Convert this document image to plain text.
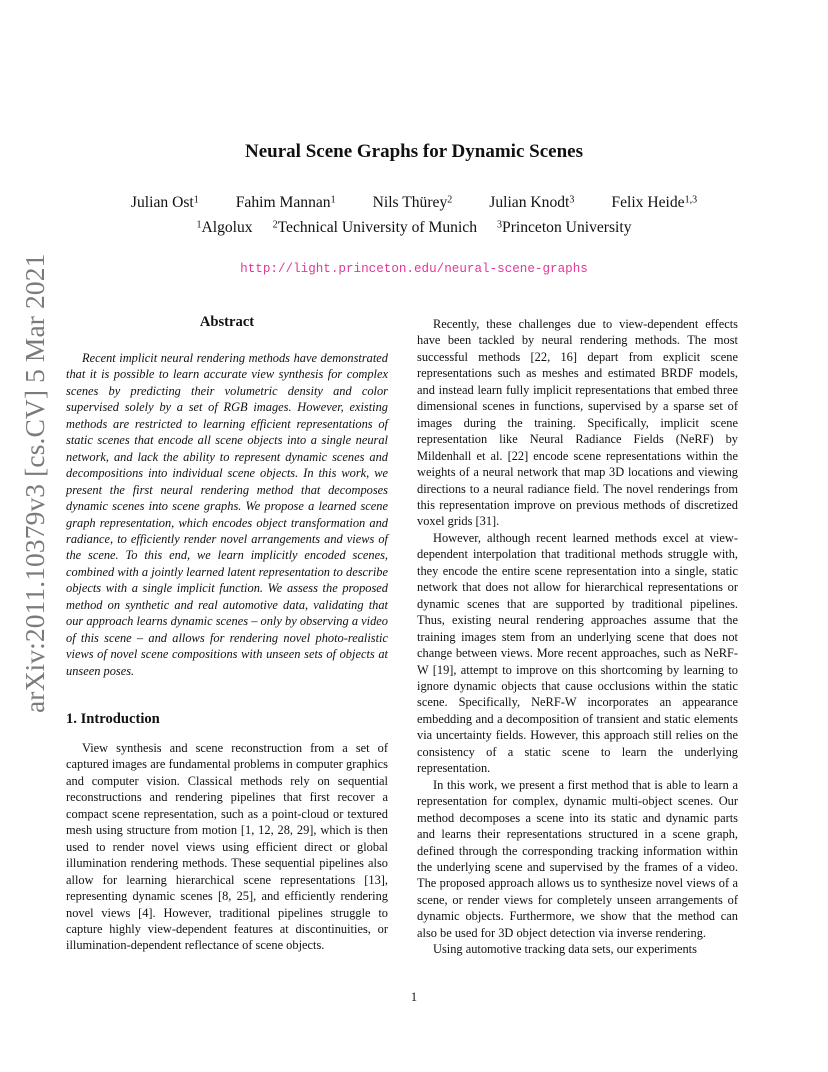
arXiv:2011.10379v3 [cs.CV] 5 Mar 2021
Neural Scene Graphs for Dynamic Scenes
Julian Ost$^1$ Fahim Mannan$^1$ Nils Thürey$^2$ Julian Knodt$^3$ Felix Heide$^{1,3}$
$^1$Algolux $^2$Technical University of Munich $^3$Princeton University
http://light.princeton.edu/neural-scene-graphs
Abstract

Recent implicit neural rendering methods have demonstrated that it is possible to learn accurate view synthesis for complex scenes by predicting their volumetric density and color supervised solely by a set of RGB images. However, existing methods are restricted to learning efficient representations of static scenes that encode all scene objects into a single neural network, and lack the ability to represent dynamic scenes and decompositions into individual scene objects. In this work, we present the first neural rendering method that decomposes dynamic scenes into scene graphs. We propose a learned scene graph representation, which encodes object transformation and radiance, to efficiently render novel arrangements and views of the scene. To this end, we learn implicitly encoded scenes, combined with a jointly learned latent representation to describe objects with a single implicit function. We assess the proposed method on synthetic and real automotive data, validating that our approach learns dynamic scenes – only by observing a video of this scene – and allows for rendering novel photo-realistic views of novel scene compositions with unseen sets of objects at unseen poses.

1. Introduction

View synthesis and scene reconstruction from a set of captured images are fundamental problems in computer graphics and computer vision. Classical methods rely on sequential reconstructions and rendering pipelines that first recover a compact scene representation, such as a point-cloud or textured mesh using structure from motion [1, 12, 28, 29], which is then used to render novel views using efficient direct or global illumination rendering methods. These sequential pipelines also allow for learning hierarchical scene representations [13], representing dynamic scenes [8, 25], and efficiently rendering novel views [4]. However, traditional pipelines struggle to capture highly view-dependent features at discontinuities, or illumination-dependent reflectance of scene objects.

Recently, these challenges due to view-dependent effects have been tackled by neural rendering methods. The most successful methods [22, 16] depart from explicit scene representations such as meshes and estimated BRDF models, and instead learn fully implicit representations that embed three dimensional scenes in functions, supervised by a sparse set of images during the training. Specifically, implicit scene representation like Neural Radiance Fields (NeRF) by Mildenhall et al. [22] encode scene representations within the weights of a neural network that map 3D locations and viewing directions to a neural radiance field. The novel renderings from this representation improve on previous methods of discretized voxel grids [31].

However, although recent learned methods excel at view-dependent interpolation that traditional methods struggle with, they encode the entire scene representation into a single, static network that does not allow for hierarchical representations or dynamic scenes that are supported by traditional pipelines. Thus, existing neural rendering approaches assume that the training images stem from an underlying scene that does not change between views. More recent approaches, such as NeRF-W [19], attempt to improve on this shortcoming by learning to ignore dynamic objects that cause occlusions within the static scene. Specifically, NeRF-W incorporates an appearance embedding and a decomposition of transient and static elements via uncertainty fields. However, this approach still relies on the consistency of a static scene to learn the underlying representation.

In this work, we present a first method that is able to learn a representation for complex, dynamic multi-object scenes. Our method decomposes a scene into its static and dynamic parts and learns their representations structured in a scene graph, defined through the corresponding tracking information within the underlying scene and supervised by the frames of a video. The proposed approach allows us to synthesize novel views of a scene, or render views for completely unseen arrangements of dynamic objects. Furthermore, we show that the method can also be used for 3D object detection via inverse rendering.

Using automotive tracking data sets, our experiments

1
